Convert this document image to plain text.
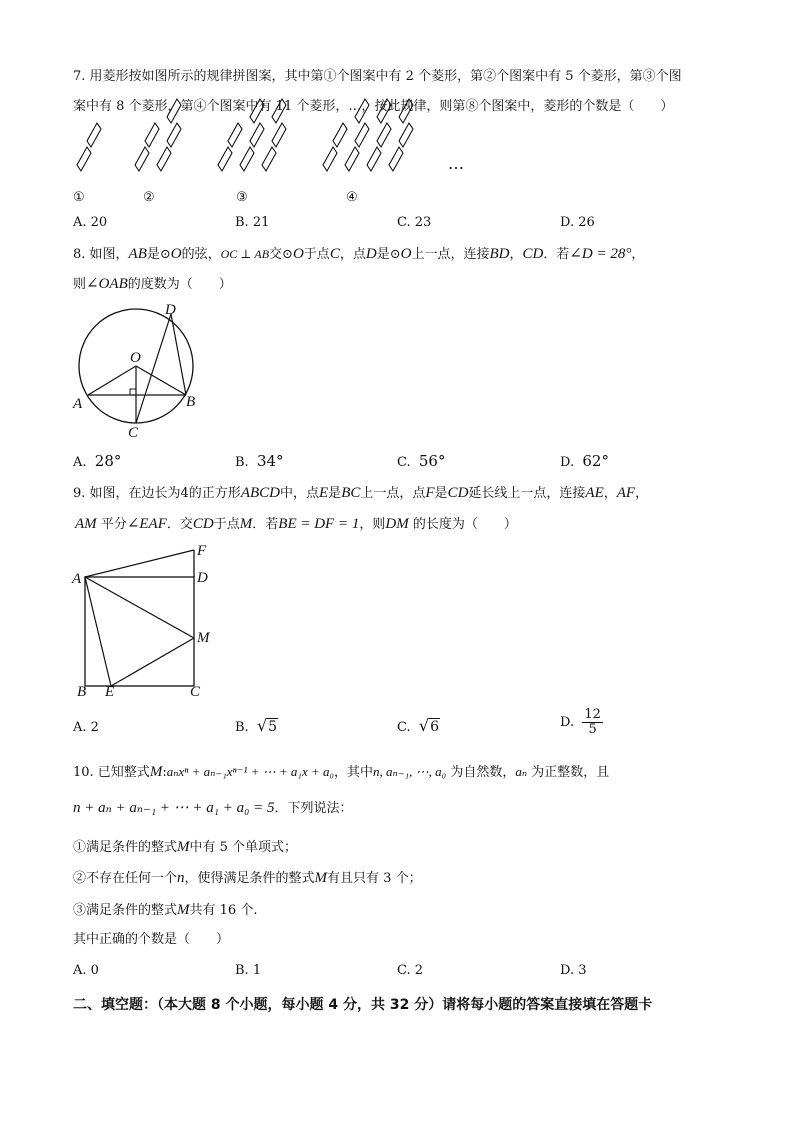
7. 用菱形按如图所示的规律拼图案，其中第①个图案中有 2 个菱形，第②个图案中有 5 个菱形，第③个图
案中有 8 个菱形，第④个图案中有 11 个菱形，…，按此规律，则第⑧个图案中，菱形的个数是（　　）
①	②	③	④
…
A. 20	B. 21	C. 23	D. 26
8. 如图，AB是⊙O的弦，OC ⊥ AB交⊙O于点C，点D是⊙O上一点，连接BD，CD．若∠D = 28°，
则∠OAB的度数为（　　）
D
O
A	B
C
A. 28°	B. 34°	C. 56°	D. 62°
9. 如图，在边长为4的正方形ABCD中，点E是BC上一点，点F是CD延长线上一点，连接AE，AF，
AM 平分∠EAF．交CD于点M．若BE = DF = 1，则DM 的长度为（　　）
F
A	D
M
B E	C
A. 2	B. √5	C. √6	D. $\frac{12}{5}$
10. 已知整式M:aₙxⁿ + aₙ₋₁xⁿ⁻¹ + ⋯ + a₁x + a₀，其中n, aₙ₋₁, ⋯, a₀ 为自然数，aₙ 为正整数，且
n + aₙ + aₙ₋₁ + ⋯ + a₁ + a₀ = 5．下列说法：
①满足条件的整式M中有 5 个单项式；
②不存在任何一个n，使得满足条件的整式M有且只有 3 个；
③满足条件的整式M共有 16 个.
其中正确的个数是（　　）
A. 0	B. 1	C. 2	D. 3
二、填空题：（本大题 8 个小题，每小题 4 分，共 32 分）请将每小题的答案直接填在答题卡
